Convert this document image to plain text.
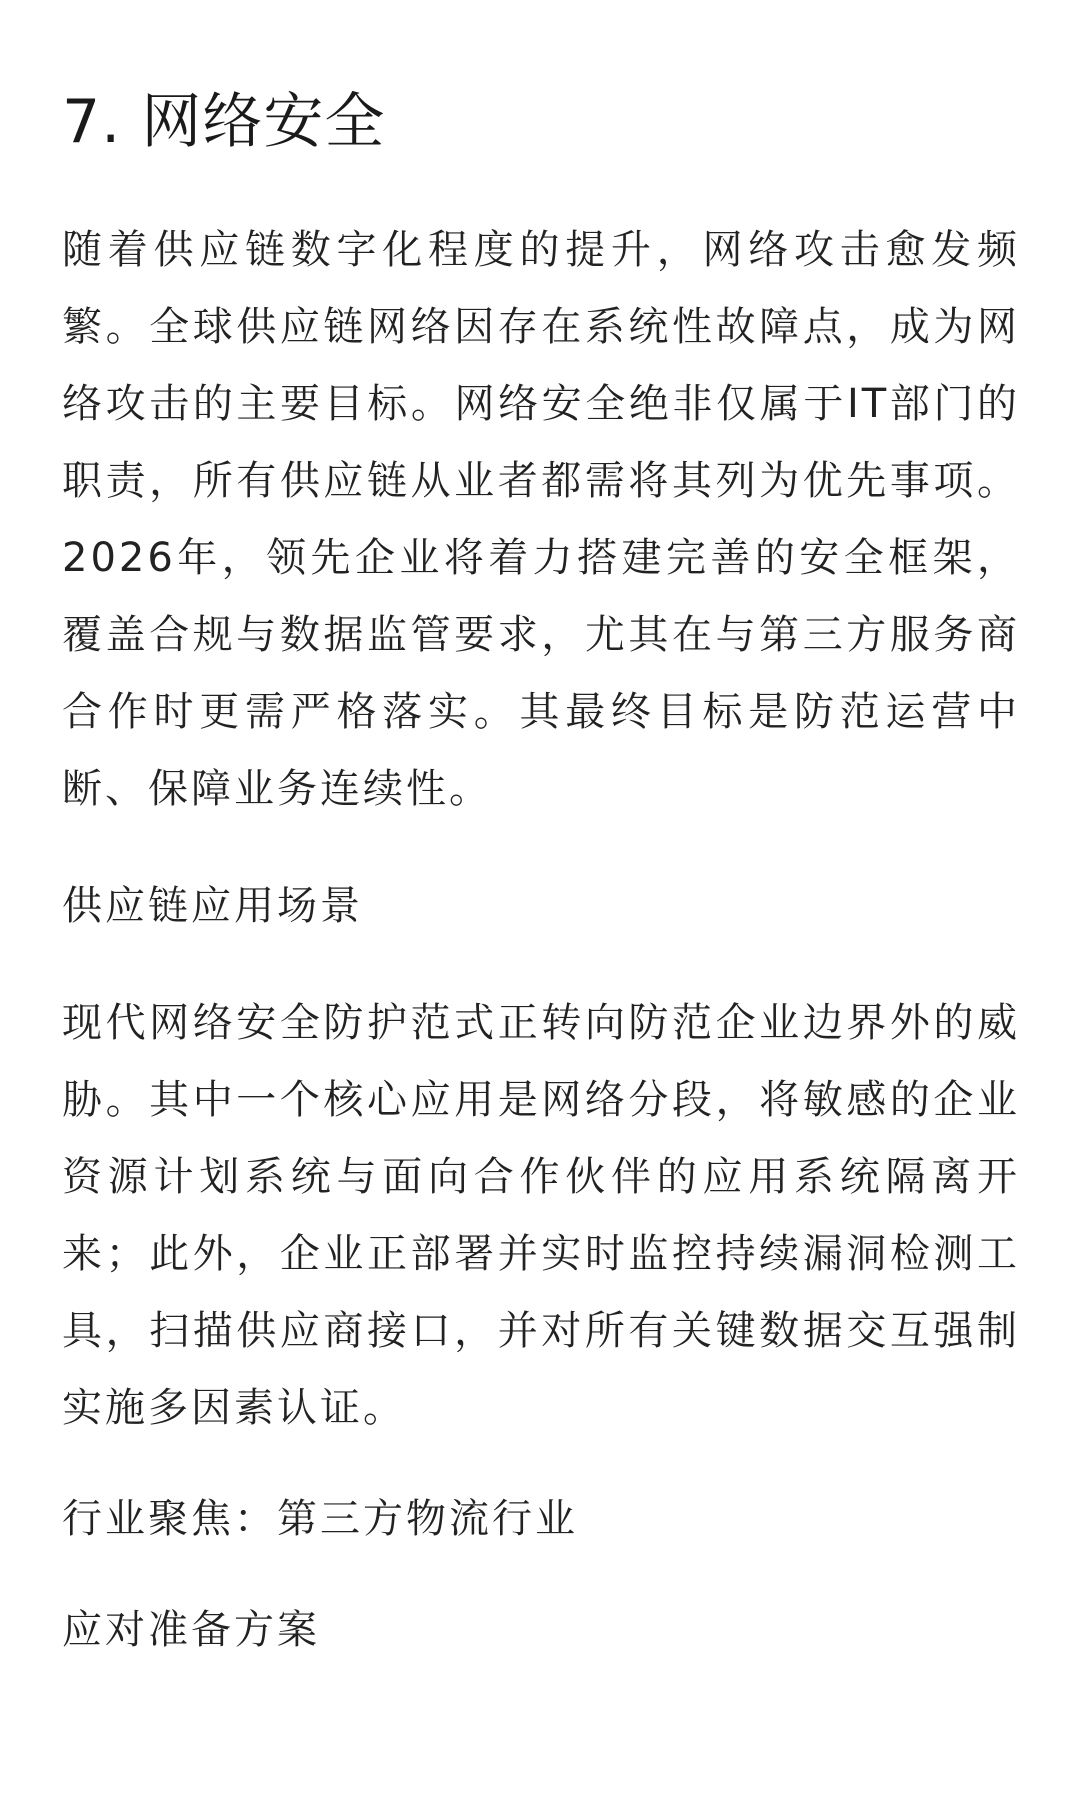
7. 网络安全

随着供应链数字化程度的提升，网络攻击愈发频繁。全球供应链网络因存在系统性故障点，成为网络攻击的主要目标。网络安全绝非仅属于IT部门的职责，所有供应链从业者都需将其列为优先事项。2026年，领先企业将着力搭建完善的安全框架，覆盖合规与数据监管要求，尤其在与第三方服务商合作时更需严格落实。其最终目标是防范运营中断、保障业务连续性。

供应链应用场景

现代网络安全防护范式正转向防范企业边界外的威胁。其中一个核心应用是网络分段，将敏感的企业资源计划系统与面向合作伙伴的应用系统隔离开来；此外，企业正部署并实时监控持续漏洞检测工具，扫描供应商接口，并对所有关键数据交互强制实施多因素认证。

行业聚焦：第三方物流行业

应对准备方案
